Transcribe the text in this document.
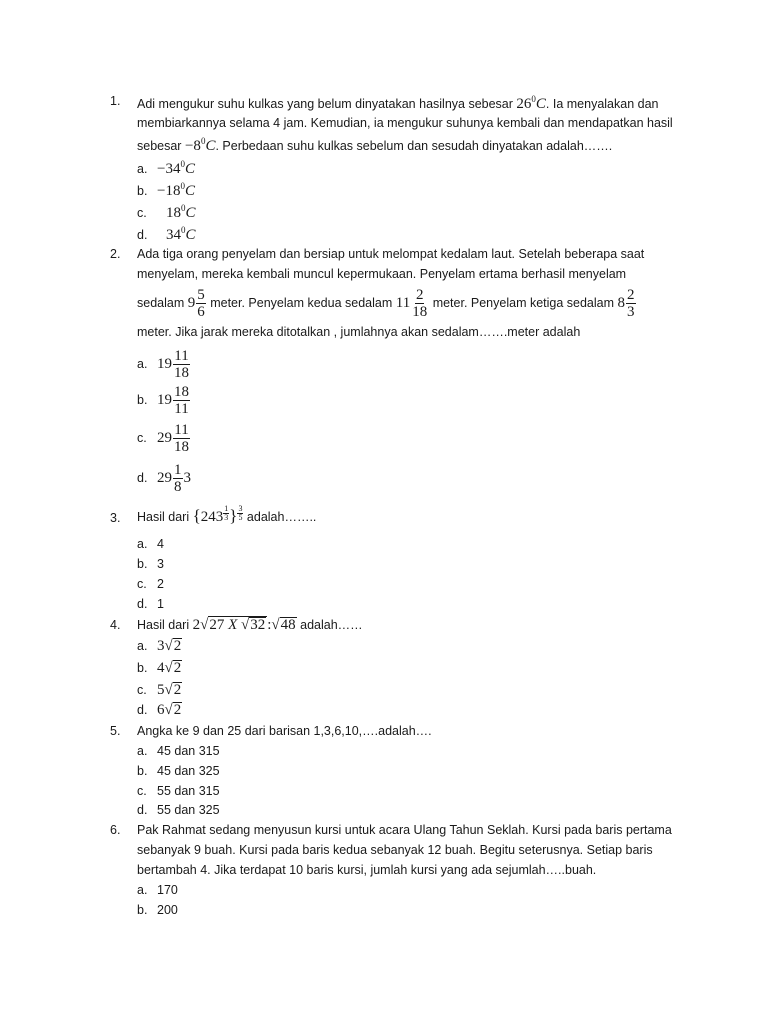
1. Adi mengukur suhu kulkas yang belum dinyatakan hasilnya sebesar $26^0C$. Ia menyalakan dan
membiarkannya selama 4 jam. Kemudian, ia mengukur suhunya kembali dan mendapatkan hasil
sebesar $-8^0C$. Perbedaan suhu kulkas sebelum dan sesudah dinyatakan adalah…….
a. $-34^0C$
b. $-18^0C$
c. $18^0C$
d. $34^0C$
2. Ada tiga orang penyelam dan bersiap untuk melompat kedalam laut. Setelah beberapa saat
menyelam, mereka kembali muncul kepermukaan. Penyelam ertama berhasil menyelam
sedalam $9 \frac{5}{6}$ meter. Penyelam kedua sedalam $11 \frac{2}{18}$ meter. Penyelam ketiga sedalam $8 \frac{2}{3}$
meter. Jika jarak mereka ditotalkan , jumlahnya akan sedalam…….meter adalah
a. $19 \frac{11}{18}$
b. $19 \frac{18}{11}$
c. $29 \frac{11}{18}$
d. $29 \frac{1}{8} 3$
3. Hasil dari {$243 \frac{1}{3}$ } $\frac{3}{5}$ adalah……..
a. 4
b. 3
c. 2
d. 1
4. Hasil dari 2√27 X √32 :√48 adalah……
a. 3√2
b. 4√2
c. 5√2
d. 6√2
5. Angka ke 9 dan 25 dari barisan 1,3,6,10,….adalah….
a. 45 dan 315
b. 45 dan 325
c. 55 dan 315
d. 55 dan 325
6. Pak Rahmat sedang menyusun kursi untuk acara Ulang Tahun Seklah. Kursi pada baris pertama
sebanyak 9 buah. Kursi pada baris kedua sebanyak 12 buah. Begitu seterusnya. Setiap baris
bertambah 4. Jika terdapat 10 baris kursi, jumlah kursi yang ada sejumlah…..buah.
a. 170
b. 200
